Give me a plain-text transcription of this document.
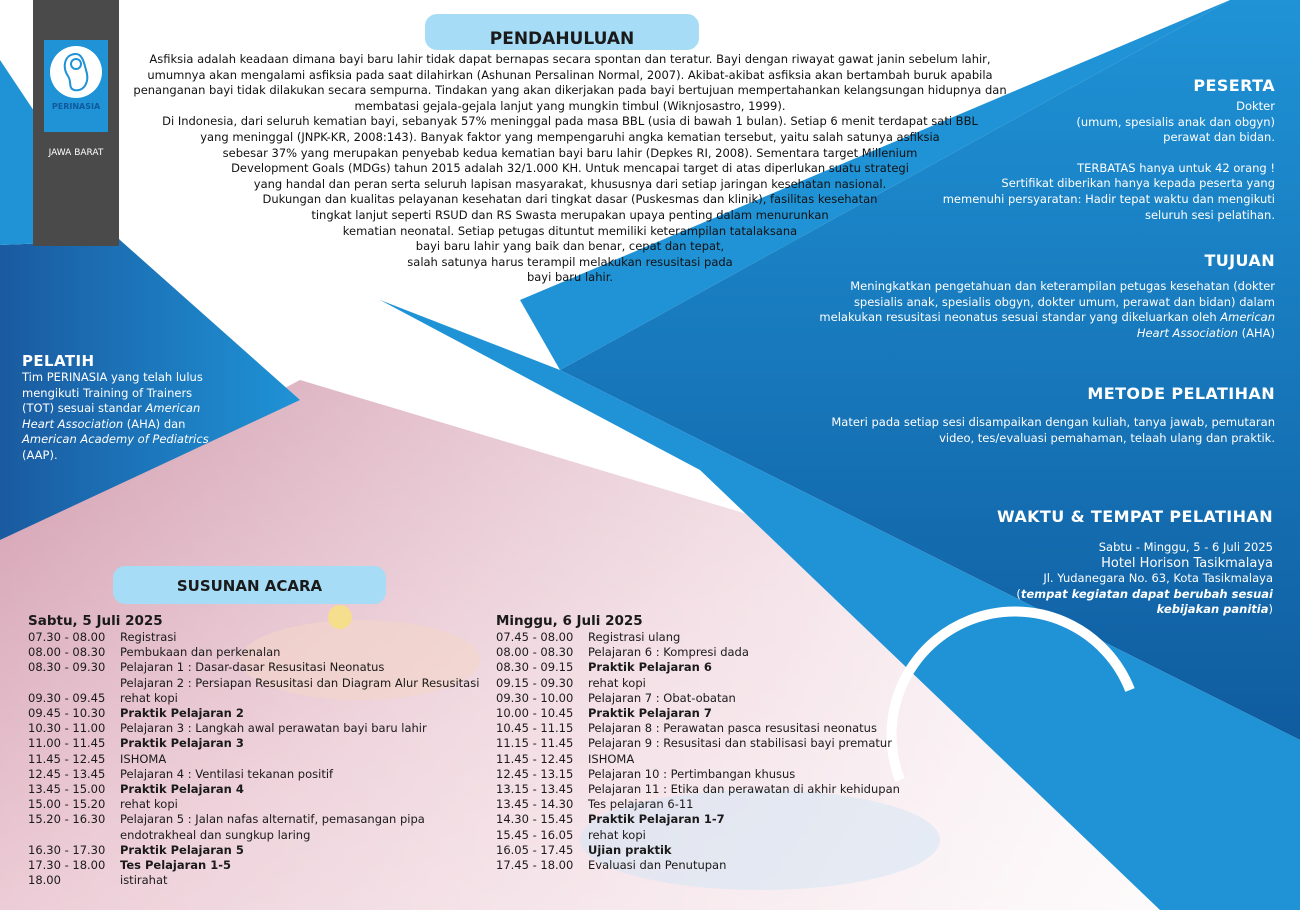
PERINASIA
JAWA BARAT
PENDAHULUAN

Asfiksia adalah keadaan dimana bayi baru lahir tidak dapat bernapas secara spontan dan teratur. Bayi dengan riwayat gawat janin sebelum lahir,

umumnya akan mengalami asfiksia pada saat dilahirkan (Ashunan Persalinan Normal, 2007). Akibat-akibat asfiksia akan bertambah buruk apabila

penanganan bayi tidak dilakukan secara sempurna. Tindakan yang akan dikerjakan pada bayi bertujuan mempertahankan kelangsungan hidupnya dan

membatasi gejala-gejala lanjut yang mungkin timbul (Wiknjosastro, 1999).

Di Indonesia, dari seluruh kematian bayi, sebanyak 57% meninggal pada masa BBL (usia di bawah 1 bulan). Setiap 6 menit terdapat sati BBL

yang meninggal (JNPK-KR, 2008:143). Banyak faktor yang mempengaruhi angka kematian tersebut, yaitu salah satunya asfiksia

sebesar 37% yang merupakan penyebab kedua kematian bayi baru lahir (Depkes RI, 2008). Sementara target Millenium

Development Goals (MDGs) tahun 2015 adalah 32/1.000 KH. Untuk mencapai target di atas diperlukan suatu strategi

yang handal dan peran serta seluruh lapisan masyarakat, khususnya dari setiap jaringan kesehatan nasional.

Dukungan dan kualitas pelayanan kesehatan dari tingkat dasar (Puskesmas dan klinik), fasilitas kesehatan

tingkat lanjut seperti RSUD dan RS Swasta merupakan upaya penting dalam menurunkan

kematian neonatal. Setiap petugas dituntut memiliki keterampilan tatalaksana

bayi baru lahir yang baik dan benar, cepat dan tepat,

salah satunya harus terampil melakukan resusitasi pada

bayi baru lahir.

PESERTA

Dokter

(umum, spesialis anak dan obgyn)

perawat dan bidan.

TERBATAS hanya untuk 42 orang !

Sertifikat diberikan hanya kepada peserta yang

memenuhi persyaratan: Hadir tepat waktu dan mengikuti

seluruh sesi pelatihan.

TUJUAN

Meningkatkan pengetahuan dan keterampilan petugas kesehatan (dokter

spesialis anak, spesialis obgyn, dokter umum, perawat dan bidan) dalam

melakukan resusitasi neonatus sesuai standar yang dikeluarkan oleh American

Heart Association (AHA)

METODE PELATIHAN

Materi pada setiap sesi disampaikan dengan kuliah, tanya jawab, pemutaran

video, tes/evaluasi pemahaman, telaah ulang dan praktik.

WAKTU & TEMPAT PELATIHAN

Sabtu - Minggu, 5 - 6 Juli 2025

Hotel Horison Tasikmalaya

Jl. Yudanegara No. 63, Kota Tasikmalaya

(tempat kegiatan dapat berubah sesuai

kebijakan panitia)

PELATIH
Tim PERINASIA yang telah lulus mengikuti Training of Trainers (TOT) sesuai standar American Heart Association (AHA) dan American Academy of Pediatrics (AAP).
SUSUNAN ACARA
Sabtu, 5 Juli 2025
07.30 - 08.00	Registrasi
08.00 - 08.30	Pembukaan dan perkenalan
08.30 - 09.30	Pelajaran 1 : Dasar-dasar Resusitasi Neonatus
Pelajaran 2 : Persiapan Resusitasi dan Diagram Alur Resusitasi
09.30 - 09.45	rehat kopi
09.45 - 10.30	Praktik Pelajaran 2
10.30 - 11.00	Pelajaran 3 : Langkah awal perawatan bayi baru lahir
11.00 - 11.45	Praktik Pelajaran 3
11.45 - 12.45	ISHOMA
12.45 - 13.45	Pelajaran 4 : Ventilasi tekanan positif
13.45 - 15.00	Praktik Pelajaran 4
15.00 - 15.20	rehat kopi
15.20 - 16.30	Pelajaran 5 : Jalan nafas alternatif, pemasangan pipa
endotrakheal dan sungkup laring
16.30 - 17.30	Praktik Pelajaran 5
17.30 - 18.00	Tes Pelajaran 1-5
18.00	istirahat
Minggu, 6 Juli 2025
07.45 - 08.00	Registrasi ulang
08.00 - 08.30	Pelajaran 6 : Kompresi dada
08.30 - 09.15	Praktik Pelajaran 6
09.15 - 09.30	rehat kopi
09.30 - 10.00	Pelajaran 7 : Obat-obatan
10.00 - 10.45	Praktik Pelajaran 7
10.45 - 11.15	Pelajaran 8 : Perawatan pasca resusitasi neonatus
11.15 - 11.45	Pelajaran 9 : Resusitasi dan stabilisasi bayi prematur
11.45 - 12.45	ISHOMA
12.45 - 13.15	Pelajaran 10 : Pertimbangan khusus
13.15 - 13.45	Pelajaran 11 : Etika dan perawatan di akhir kehidupan
13.45 - 14.30	Tes pelajaran 6-11
14.30 - 15.45	Praktik Pelajaran 1-7
15.45 - 16.05	rehat kopi
16.05 - 17.45	Ujian praktik
17.45 - 18.00	Evaluasi dan Penutupan
